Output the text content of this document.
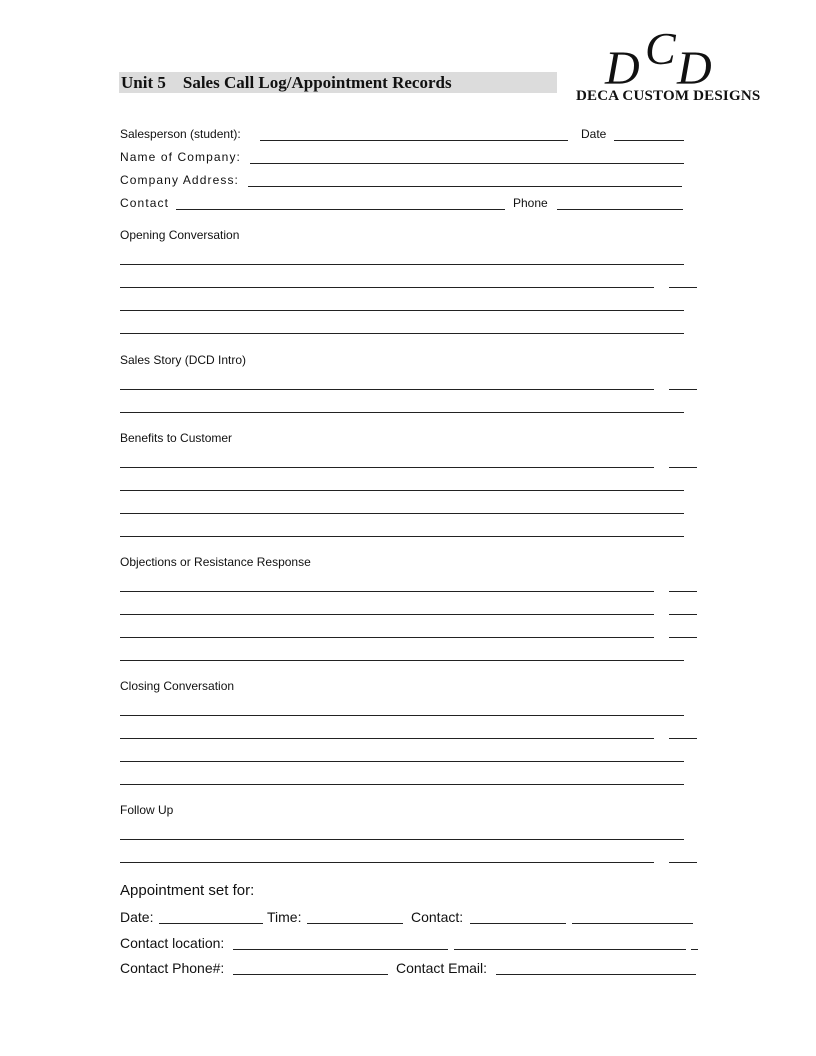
Unit 5    Sales Call Log/Appointment Records	D C D
DECA CUSTOM DESIGNS
Salesperson (student):	Date
Name of Company:
Company Address:
Contact	Phone
Opening Conversation
Sales Story (DCD Intro)
Benefits to Customer
Objections or Resistance Response
Closing Conversation
Follow Up
Appointment set for:
Date:	Time:	Contact:
Contact location:
Contact Phone#:	Contact Email:
